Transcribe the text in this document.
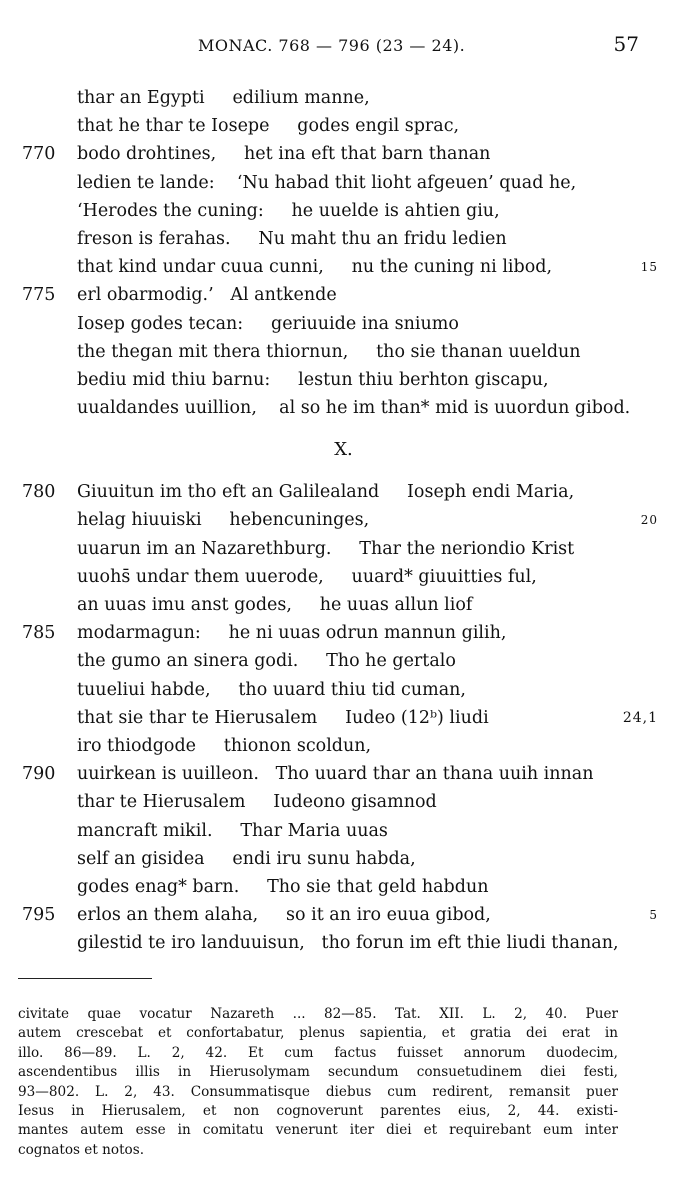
MONAC. 768 — 796 (23 — 24).	57
thar an Egypti     edilium manne,
that he thar te Iosepe     godes engil sprac,
770	bodo drohtines,     het ina eft that barn thanan
ledien te lande:    ‘Nu habad thit lioht afgeuen’ quad he,
‘Herodes the cuning:     he uuelde is ahtien giu,
freson is ferahas.     Nu maht thu an fridu ledien
that kind undar cuua cunni,     nu the cuning ni libod,	15
775	erl obarmodig.’   Al antkende
Iosep godes tecan:     geriuuide ina sniumo
the thegan mit thera thiornun,     tho sie thanan uueldun
bediu mid thiu barnu:     lestun thiu berhton giscapu,
uualdandes uuillion,    al so he im than* mid is uuordun gibod.
X.
780	Giuuitun im tho eft an Galilealand     Ioseph endi Maria,
helag hiuuiski     hebencuninges,	20
uuarun im an Nazarethburg.     Thar the neriondio Krist
uuohs̄ undar them uuerode,     uuard* giuuitties ful,
an uuas imu anst godes,     he uuas allun liof
785	modarmagun:     he ni uuas odrun mannun gilih,
the gumo an sinera godi.     Tho he gertalo
tuueliui habde,     tho uuard thiu tid cuman,
that sie thar te Hierusalem     Iudeo (12ᵇ) liudi	24,1
iro thiodgode     thionon scoldun,
790	uuirkean is uuilleon.   Tho uuard thar an thana uuih innan
thar te Hierusalem     Iudeono gisamnod
mancraft mikil.     Thar Maria uuas
self an gisidea     endi iru sunu habda,
godes enag* barn.     Tho sie that geld habdun
795	erlos an them alaha,     so it an iro euua gibod,	5
gilestid te iro landuuisun,   tho forun im eft thie liudi thanan,
civitate quae vocatur Nazareth ... 82—85. Tat. XII. L. 2, 40. Puer
autem crescebat et confortabatur, plenus sapientia, et gratia dei erat in
illo. 86—89. L. 2, 42. Et cum factus fuisset annorum duodecim,
ascendentibus illis in Hierusolymam secundum consuetudinem diei festi,
93—802. L. 2, 43. Consummatisque diebus cum redirent, remansit puer
Iesus in Hierusalem, et non cognoverunt parentes eius, 2, 44. existi-
mantes autem esse in comitatu venerunt iter diei et requirebant eum inter
cognatos et notos.
